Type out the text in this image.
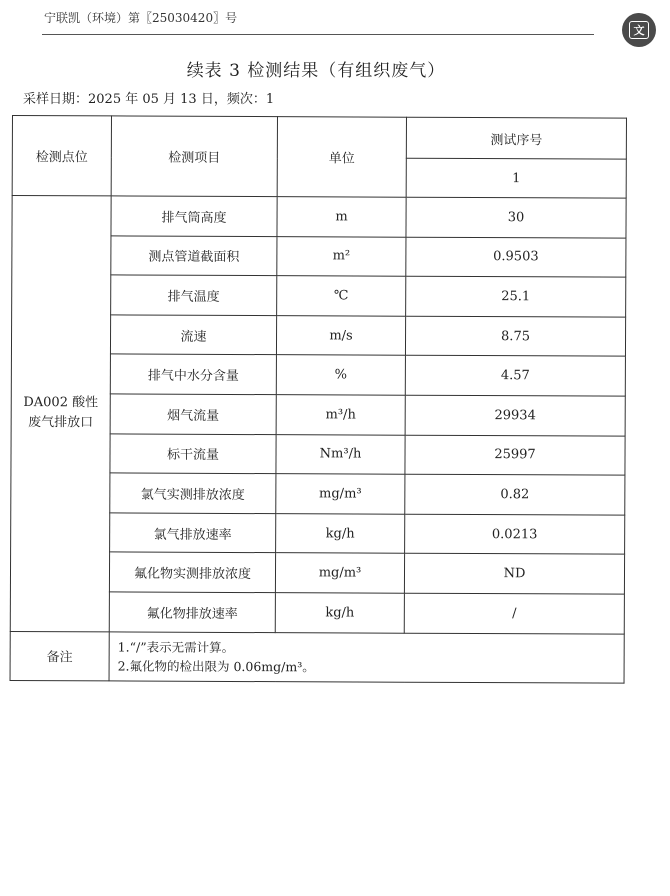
宁联凯（环境）第〖25030420〗号
文
续表 3 检测结果（有组织废气）
采样日期：2025 年 05 月 13 日，频次：1
检测点位	检测项目	单位	测试序号
			1
DA002 酸性废气排放口	排气筒高度	m	30
	测点管道截面积	m²	0.9503
	排气温度	℃	25.1
	流速	m/s	8.75
	排气中水分含量	%	4.57
	烟气流量	m³/h	29934
	标干流量	Nm³/h	25997
	氯气实测排放浓度	mg/m³	0.82
	氯气排放速率	kg/h	0.0213
	氟化物实测排放浓度	mg/m³	ND
	氟化物排放速率	kg/h	/
备注	1.“/”表示无需计算。
2.氟化物的检出限为 0.06mg/m³。		
